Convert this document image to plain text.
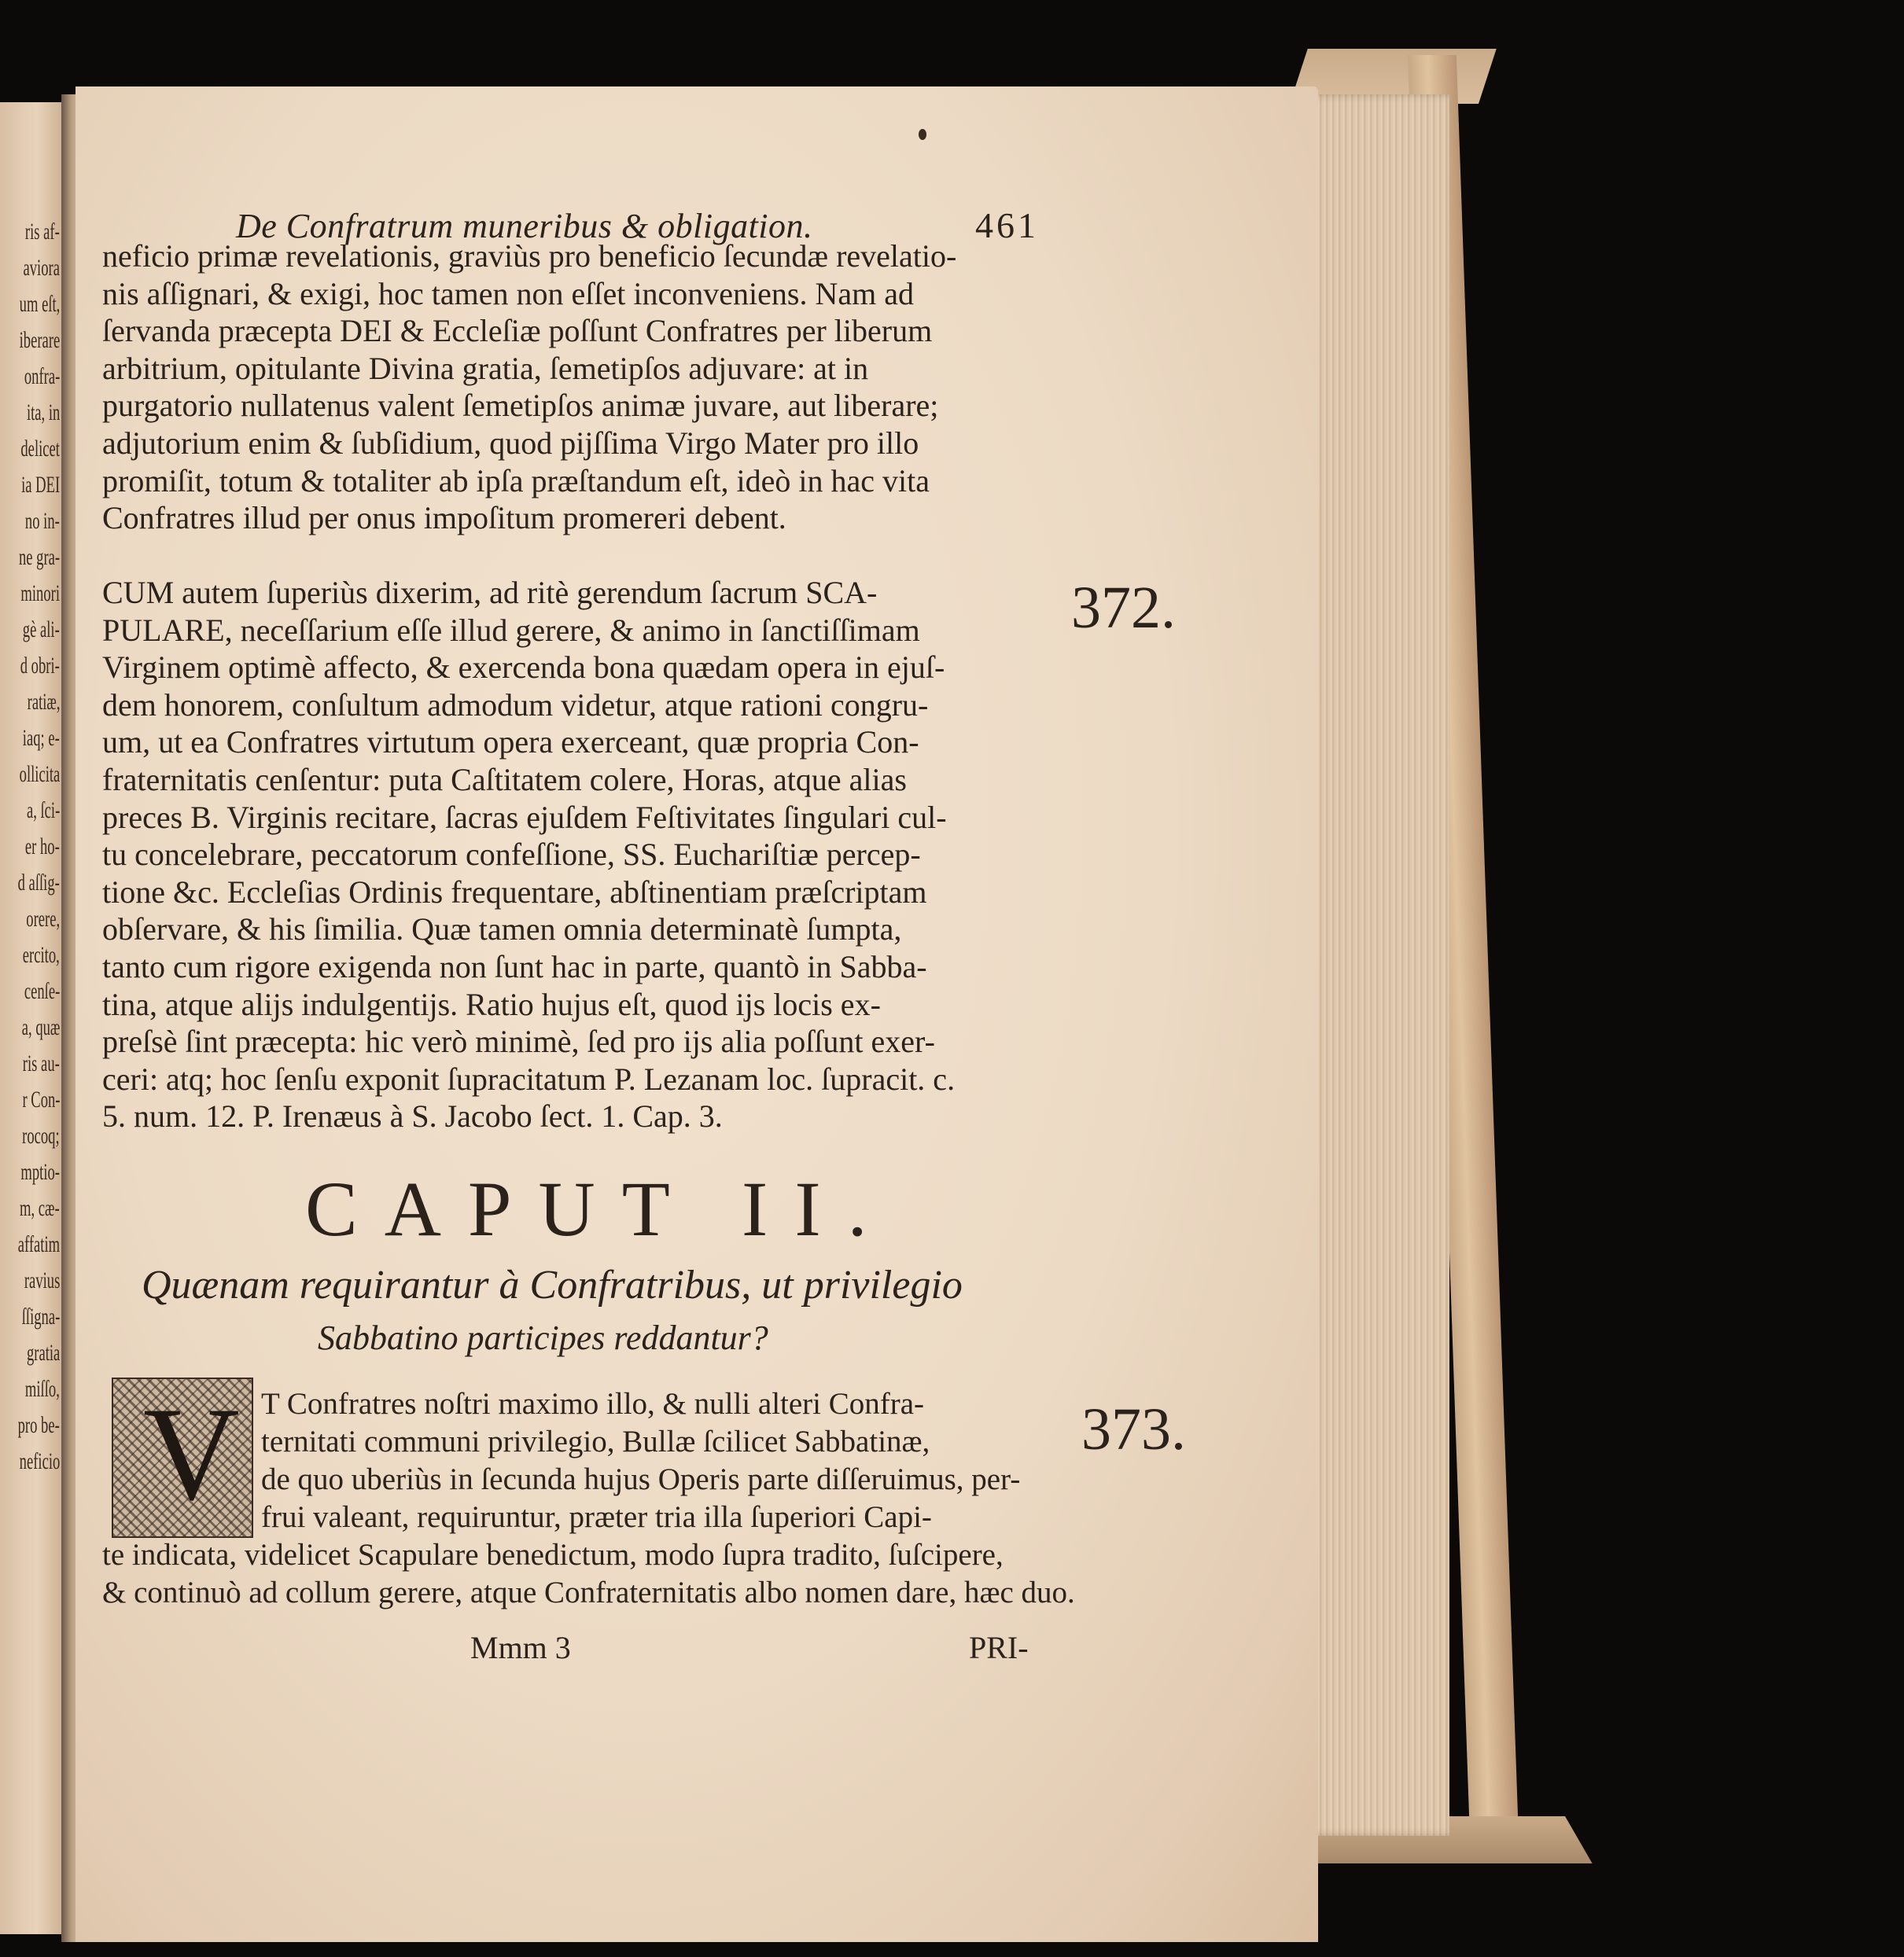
ris af-
aviora
um eſt,
iberare
onfra-
ita, in
delicet
ia DEI
no in-
ne gra-
minori
gè ali-
d obri-
ratiæ,
iaq; e-
ollicita
a, ſci-
er ho-
d aſſig-
orere,
ercito,
cenſe-
a, quæ
ris au-
r Con-
rocoq;
mptio-
m, cæ-
affatim
ravius
ſſigna-
gratia
miſſo,
pro be-
neficio
De Confratrum muneribus & obligation.	461
neficio primæ revelationis, graviùs pro beneficio ſecundæ revelatio-
nis aſſignari, & exigi, hoc tamen non eſſet inconveniens. Nam ad
ſervanda præcepta DEI & Eccleſiæ poſſunt Confratres per liberum
arbitrium, opitulante Divina gratia, ſemetipſos adjuvare: at in
purgatorio nullatenus valent ſemetipſos animæ juvare, aut liberare;
adjutorium enim & ſubſidium, quod pijſſima Virgo Mater pro illo
promiſit, totum & totaliter ab ipſa præſtandum eſt, ideò in hac vita
Confratres illud per onus impoſitum promereri debent.
CUM autem ſuperiùs dixerim, ad ritè gerendum ſacrum SCA-
PULARE, neceſſarium eſſe illud gerere, & animo in ſanctiſſimam
Virginem optimè affecto, & exercenda bona quædam opera in ejuſ-
dem honorem, conſultum admodum videtur, atque rationi congru-
um, ut ea Confratres virtutum opera exerceant, quæ propria Con-
fraternitatis cenſentur: puta Caſtitatem colere, Horas, atque alias
preces B. Virginis recitare, ſacras ejuſdem Feſtivitates ſingulari cul-
tu concelebrare, peccatorum confeſſione, SS. Euchariſtiæ percep-
tione &c. Eccleſias Ordinis frequentare, abſtinentiam præſcriptam
obſervare, & his ſimilia. Quæ tamen omnia determinatè ſumpta,
tanto cum rigore exigenda non ſunt hac in parte, quantò in Sabba-
tina, atque alijs indulgentijs. Ratio hujus eſt, quod ijs locis ex-
preſsè ſint præcepta: hic verò minimè, ſed pro ijs alia poſſunt exer-
ceri: atq; hoc ſenſu exponit ſupracitatum P. Lezanam loc. ſupracit. c.
5. num. 12. P. Irenæus à S. Jacobo ſect. 1. Cap. 3.
372.
373.
CAPUT II.
Quænam requirantur à Confratribus, ut privilegio
Sabbatino participes reddantur?
V T Confratres noſtri maximo illo, & nulli alteri Confra-
ternitati communi privilegio, Bullæ ſcilicet Sabbatinæ,
de quo uberiùs in ſecunda hujus Operis parte diſſeruimus, per-
frui valeant, requiruntur, præter tria illa ſuperiori Capi-
te indicata, videlicet Scapulare benedictum, modo ſupra tradito, ſuſcipere,
& continuò ad collum gerere, atque Confraternitatis albo nomen dare, hæc duo.
Mmm 3	PRI-
